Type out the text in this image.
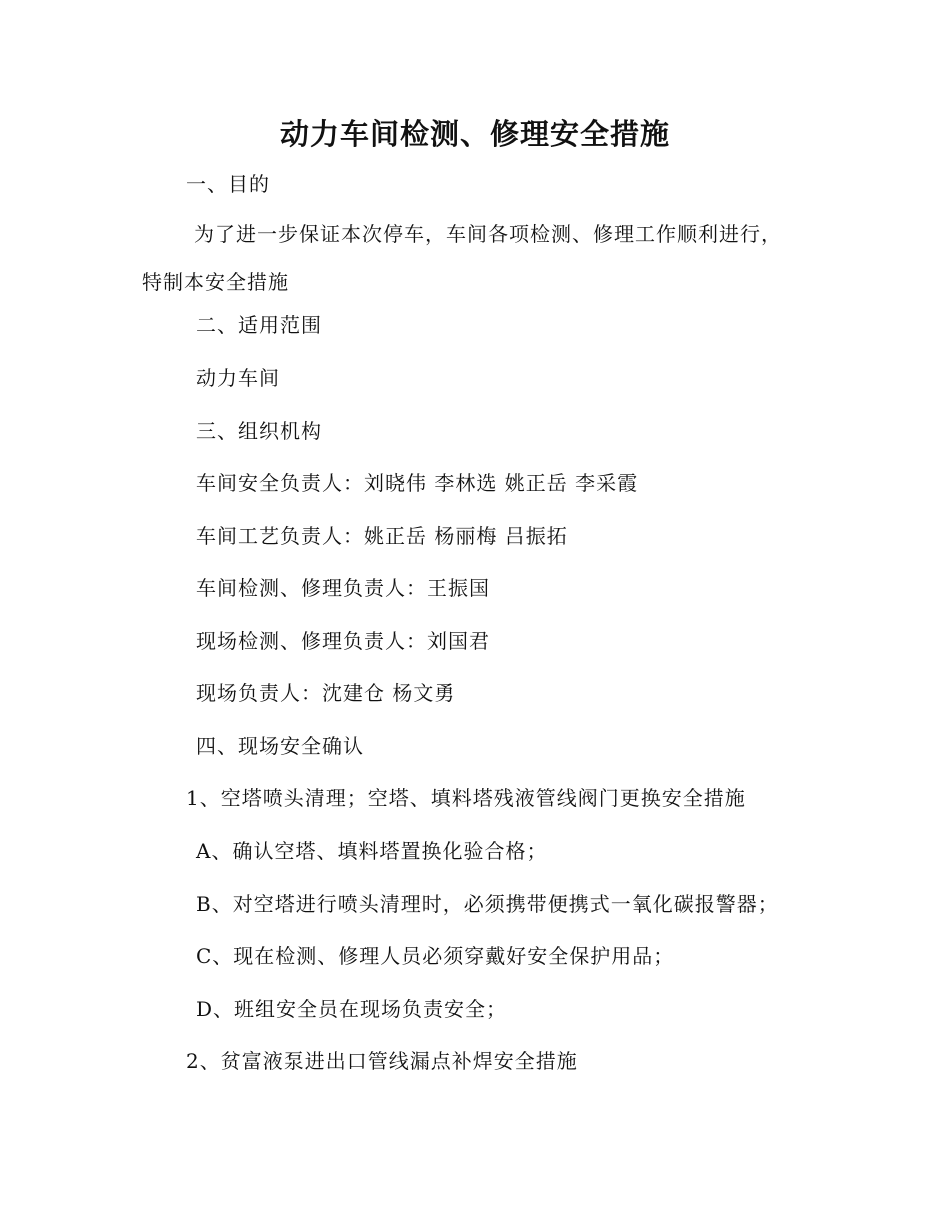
动力车间检测、修理安全措施

一、目的

为了进一步保证本次停车，车间各项检测、修理工作顺利进行，特制本安全措施

二、适用范围

动力车间

三、组织机构

车间安全负责人：刘晓伟 李林选 姚正岳 李采霞

车间工艺负责人：姚正岳 杨丽梅 吕振拓

车间检测、修理负责人：王振国

现场检测、修理负责人：刘国君

现场负责人：沈建仓 杨文勇

四、现场安全确认

1、空塔喷头清理；空塔、填料塔残液管线阀门更换安全措施

A、确认空塔、填料塔置换化验合格；

B、对空塔进行喷头清理时，必须携带便携式一氧化碳报警器；

C、现在检测、修理人员必须穿戴好安全保护用品；

D、班组安全员在现场负责安全；

2、贫富液泵进出口管线漏点补焊安全措施
